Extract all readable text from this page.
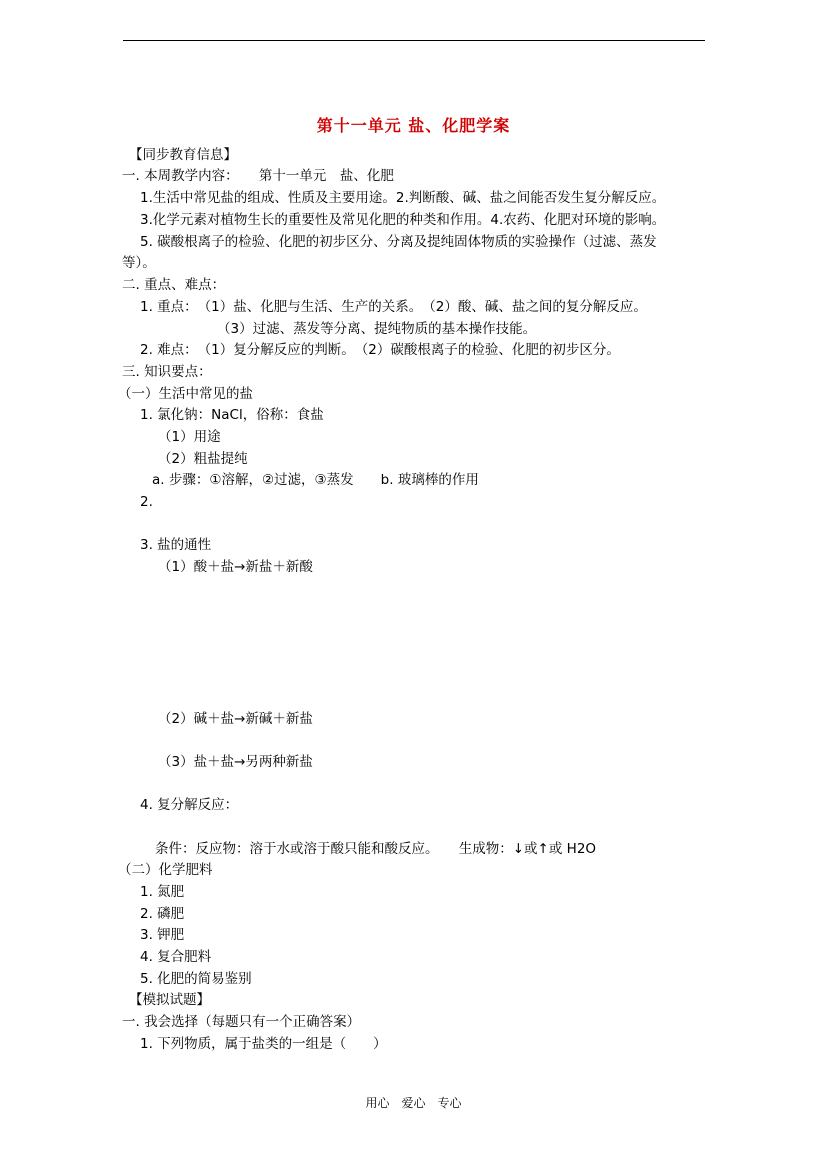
第十一单元 盐、化肥学案
【同步教育信息】
一. 本周教学内容：　　第十一单元　盐、化肥
1.生活中常见盐的组成、性质及主要用途。2.判断酸、碱、盐之间能否发生复分解反应。
3.化学元素对植物生长的重要性及常见化肥的种类和作用。4.农药、化肥对环境的影响。
5. 碳酸根离子的检验、化肥的初步区分、分离及提纯固体物质的实验操作（过滤、蒸发
等）。
二. 重点、难点：
1. 重点：　（1）盐、化肥与生活、生产的关系。　（2）酸、碱、盐之间的复分解反应。
（3）过滤、蒸发等分离、提纯物质的基本操作技能。
2. 难点：　（1）复分解反应的判断。　（2）碳酸根离子的检验、化肥的初步区分。
三. 知识要点：
（一）生活中常见的盐
1. 氯化钠：NaCl，俗称：食盐
（1）用途
（2）粗盐提纯
a. 步骤：①溶解，②过滤，③蒸发　　b. 玻璃棒的作用
2.
3. 盐的通性
（1）酸＋盐→新盐＋新酸
（2）碱＋盐→新碱＋新盐
（3）盐＋盐→另两种新盐
4. 复分解反应：
条件：反应物：溶于水或溶于酸只能和酸反应。　　生成物：↓或↑或 H2O
（二）化学肥料
1. 氮肥
2. 磷肥
3. 钾肥
4. 复合肥料
5. 化肥的简易鉴别
【模拟试题】
一. 我会选择（每题只有一个正确答案）
1. 下列物质，属于盐类的一组是（　　）
用心　爱心　专心
